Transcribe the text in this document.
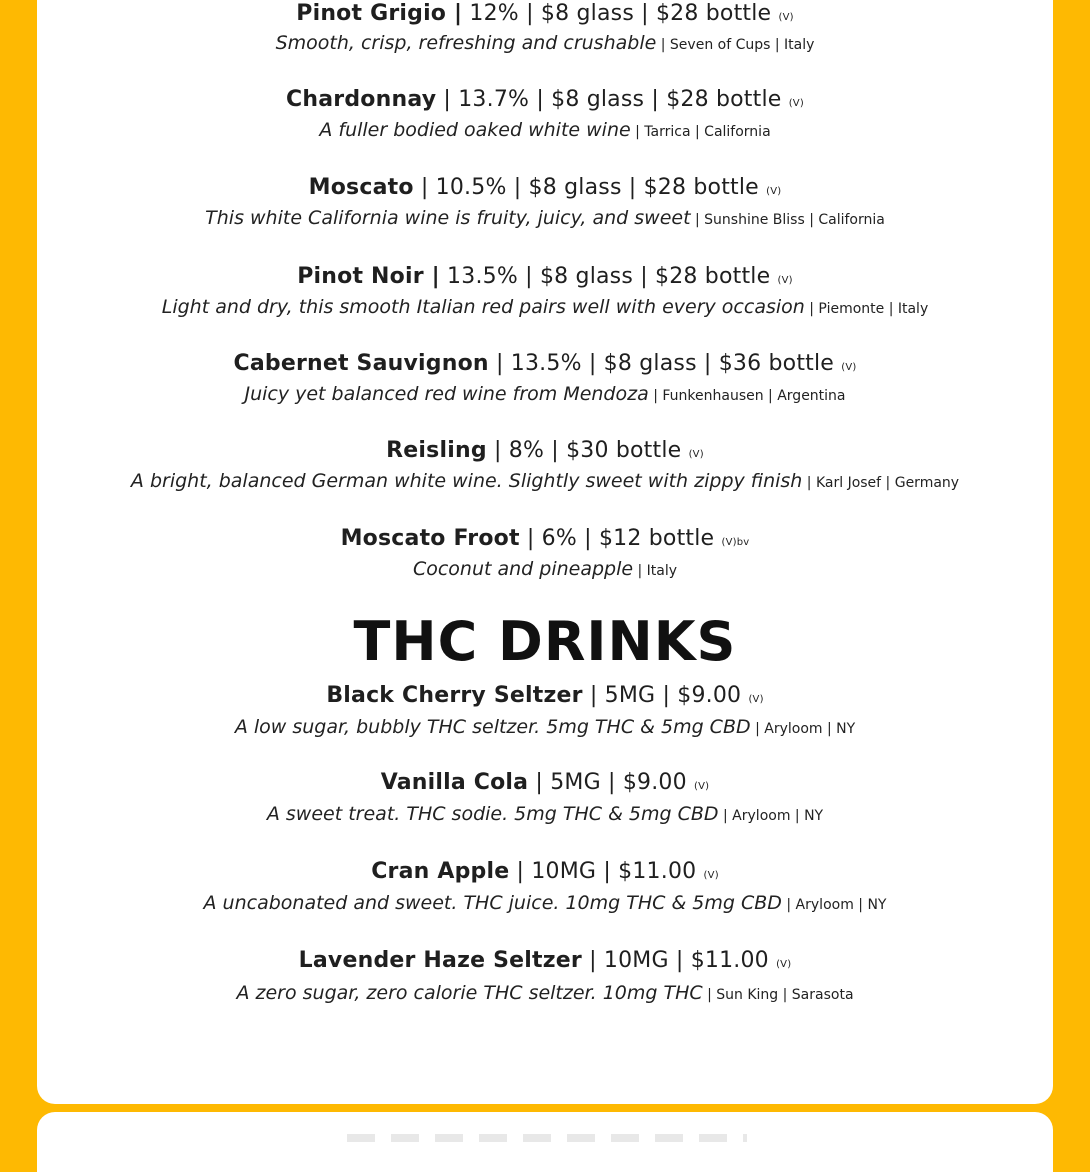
Pinot Grigio | 12% | $8 glass | $28 bottle (V)
Smooth, crisp, refreshing and crushable | Seven of Cups | Italy
Chardonnay | 13.7% | $8 glass | $28 bottle (V)
A fuller bodied oaked white wine | Tarrica | California
Moscato | 10.5% | $8 glass | $28 bottle (V)
This white California wine is fruity, juicy, and sweet | Sunshine Bliss | California
Pinot Noir | 13.5% | $8 glass | $28 bottle (V)
Light and dry, this smooth Italian red pairs well with every occasion | Piemonte | Italy
Cabernet Sauvignon | 13.5% | $8 glass | $36 bottle (V)
Juicy yet balanced red wine from Mendoza | Funkenhausen | Argentina
Reisling | 8% | $30 bottle (V)
A bright, balanced German white wine. Slightly sweet with zippy finish | Karl Josef | Germany
Moscato Froot | 6% | $12 bottle (V)bv
Coconut and pineapple | Italy
THC DRINKS
Black Cherry Seltzer | 5MG | $9.00 (V)
A low sugar, bubbly THC seltzer. 5mg THC & 5mg CBD | Aryloom | NY
Vanilla Cola | 5MG | $9.00 (V)
A sweet treat. THC sodie. 5mg THC & 5mg CBD | Aryloom | NY
Cran Apple | 10MG | $11.00 (V)
A uncabonated and sweet. THC juice. 10mg THC & 5mg CBD | Aryloom | NY
Lavender Haze Seltzer | 10MG | $11.00 (V)
A zero sugar, zero calorie THC seltzer. 10mg THC | Sun King | Sarasota
